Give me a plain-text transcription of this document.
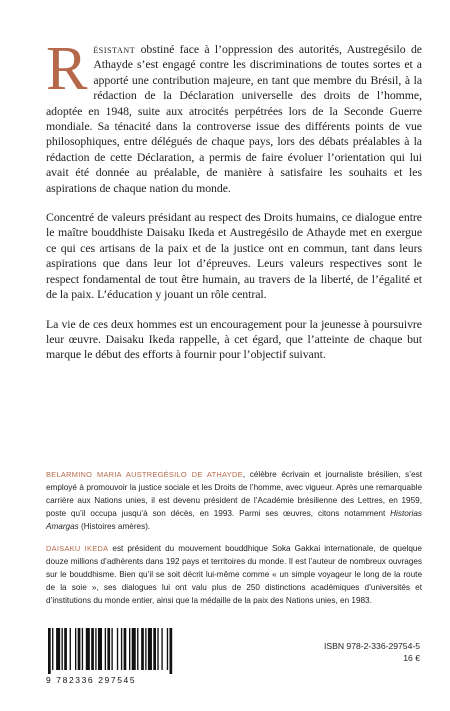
Résistant obstiné face à l’oppression des autorités, Austregésilo de Athayde s’est engagé contre les discriminations de toutes sortes et a apporté une contribution majeure, en tant que membre du Brésil, à la rédaction de la Déclaration universelle des droits de l’homme, adoptée en 1948, suite aux atrocités perpétrées lors de la Seconde Guerre mondiale. Sa ténacité dans la controverse issue des différents points de vue philosophiques, entre délégués de chaque pays, lors des débats préalables à la rédaction de cette Déclaration, a permis de faire évoluer l’orientation qui lui avait été donnée au préalable, de manière à satisfaire les souhaits et les aspirations de chaque nation du monde.

Concentré de valeurs présidant au respect des Droits humains, ce dialogue entre le maître bouddhiste Daisaku Ikeda et Austregésilo de Athayde met en exergue ce qui ces artisans de la paix et de la justice ont en commun, tant dans leurs aspirations que dans leur lot d’épreuves. Leurs valeurs respectives sont le respect fondamental de tout être humain, au travers de la liberté, de l’égalité et de la paix. L’éducation y jouant un rôle central.

La vie de ces deux hommes est un encouragement pour la jeunesse à poursuivre leur œuvre. Daisaku Ikeda rappelle, à cet égard, que l’atteinte de chaque but marque le début des efforts à fournir pour l’objectif suivant.

BELARMINO MARIA AUSTREGÉSILO DE ATHAYDE, célèbre écrivain et journaliste brésilien, s’est employé à promouvoir la justice sociale et les Droits de l’homme, avec vigueur. Après une remarquable carrière aux Nations unies, il est devenu président de l’Académie brésilienne des Lettres, en 1959, poste qu’il occupa jusqu’à son décès, en 1993. Parmi ses œuvres, citons notamment Historias Amargas (Histoires amères).

DAISAKU IKEDA est président du mouvement bouddhique Soka Gakkai internationale, de quelque douze millions d’adhérents dans 192 pays et territoires du monde. Il est l’auteur de nombreux ouvrages sur le bouddhisme. Bien qu’il se soit décrit lui-même comme « un simple voyageur le long de la route de la soie », ses dialogues lui ont valu plus de 250 distinctions académiques d’universités et d’institutions du monde entier, ainsi que la médaille de la paix des Nations unies, en 1983.

9 782336 297545
ISBN 978-2-336-29754-5
16 €
